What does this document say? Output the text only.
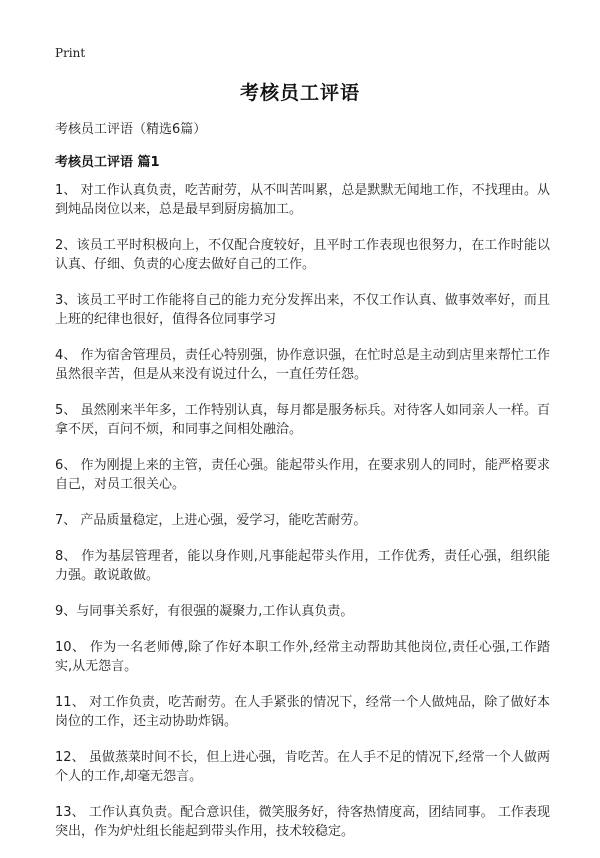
Print
考核员工评语
考核员工评语（精选6篇）
考核员工评语 篇1
1、 对工作认真负责，吃苦耐劳，从不叫苦叫累，总是默默无闻地工作，不找理由。从到炖品岗位以来，总是最早到厨房搞加工。
2、该员工平时积极向上，不仅配合度较好，且平时工作表现也很努力，在工作时能以认真、仔细、负责的心度去做好自己的工作。
3、该员工平时工作能将自己的能力充分发挥出来，不仅工作认真、做事效率好，而且上班的纪律也很好，值得各位同事学习
4、 作为宿舍管理员，责任心特别强，协作意识强，在忙时总是主动到店里来帮忙工作虽然很辛苦，但是从来没有说过什么，一直任劳任怨。
5、 虽然刚来半年多，工作特别认真，每月都是服务标兵。对待客人如同亲人一样。百拿不厌，百问不烦，和同事之间相处融洽。
6、 作为刚提上来的主管，责任心强。能起带头作用，在要求别人的同时，能严格要求自己，对员工很关心。
7、 产品质量稳定，上进心强，爱学习，能吃苦耐劳。
8、 作为基层管理者，能以身作则,凡事能起带头作用，工作优秀，责任心强，组织能力强。敢说敢做。
9、与同事关系好，有很强的凝聚力,工作认真负责。
10、 作为一名老师傅,除了作好本职工作外,经常主动帮助其他岗位,责任心强,工作踏实,从无怨言。
11、 对工作负责，吃苦耐劳。在人手紧张的情况下，经常一个人做炖品，除了做好本岗位的工作，还主动协助炸锅。
12、 虽做蒸菜时间不长，但上进心强，肯吃苦。在人手不足的情况下,经常一个人做两个人的工作,却毫无怨言。
13、 工作认真负责。配合意识佳，微笑服务好，待客热情度高，团结同事。 工作表现突出，作为炉灶组长能起到带头作用，技术较稳定。
